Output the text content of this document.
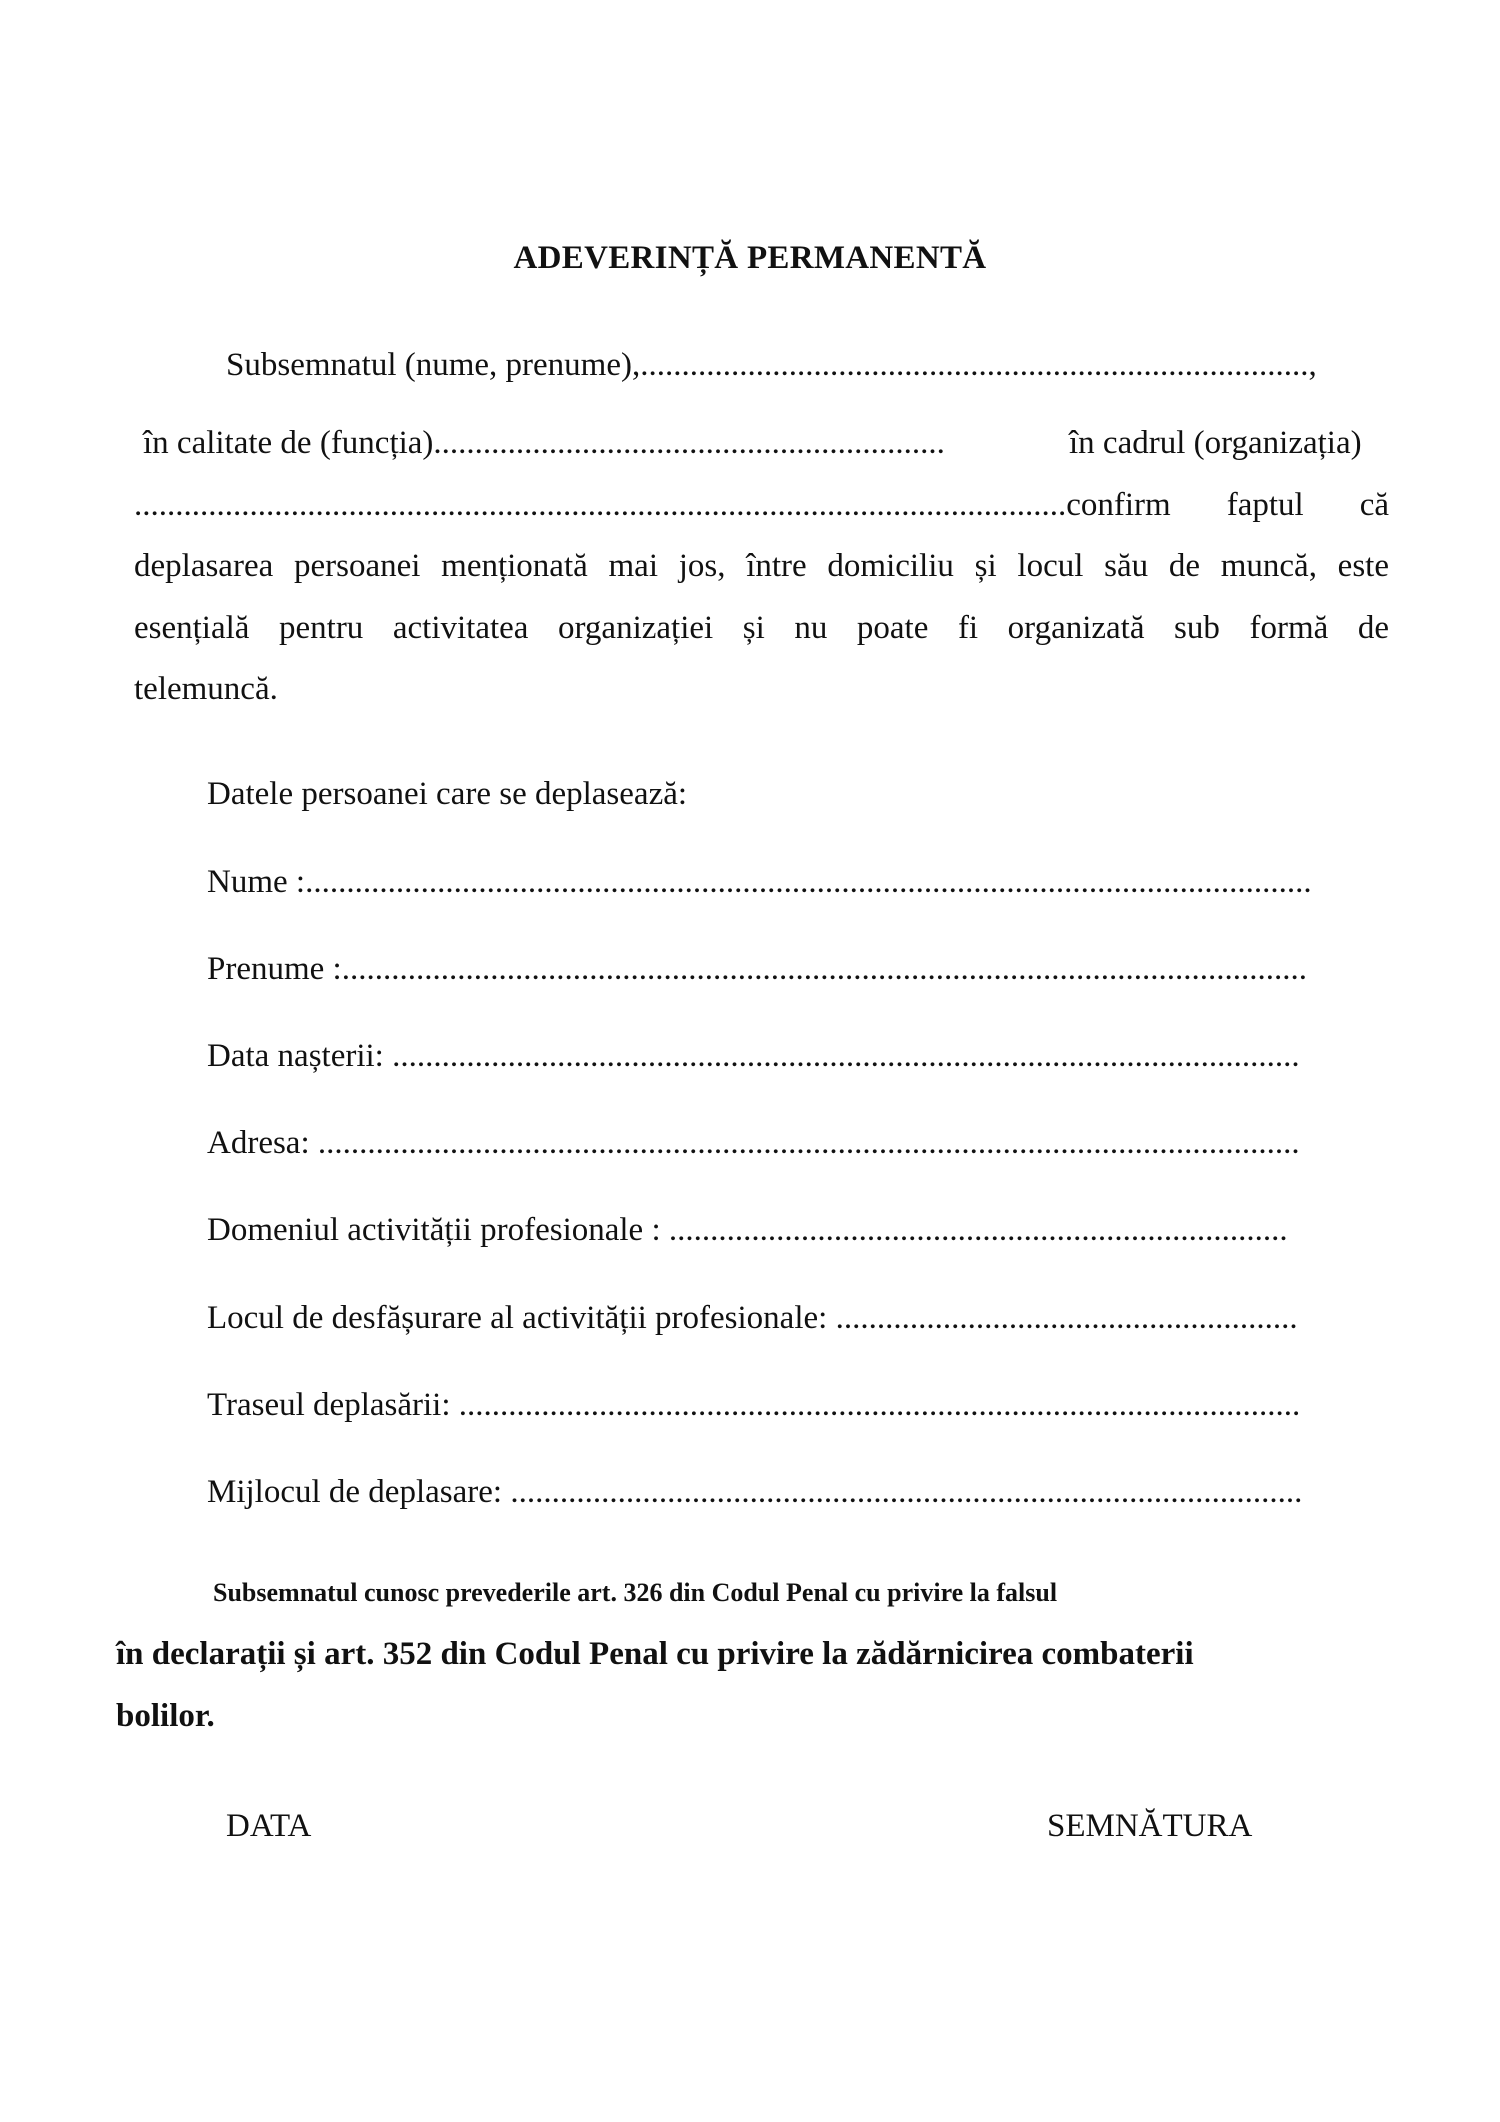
ADEVERINȚĂ PERMANENTĂ
Subsemnatul (nume, prenume),.................................................................................,
în calitate de (funcția)..............................................................	în cadrul (organizația)
.................................................................................................................confirm faptul că
deplasarea persoanei menționată mai jos, între domiciliu și locul său de muncă, este
esențială pentru activitatea organizației și nu poate fi organizată sub formă de
telemuncă.
Datele persoanei care se deplasează:
Nume :..........................................................................................................................
Prenume :.....................................................................................................................
Data nașterii: ..............................................................................................................
Adresa: .......................................................................................................................
Domeniul activității profesionale : ...........................................................................
Locul de desfășurare al activității profesionale: ........................................................
Traseul deplasării: ......................................................................................................
Mijlocul de deplasare: ................................................................................................
Subsemnatul cunosc prevederile art. 326 din Codul Penal cu privire la falsul
în declarații și art. 352 din Codul Penal cu privire la zădărnicirea combaterii
bolilor.
DATA	SEMNĂTURA
